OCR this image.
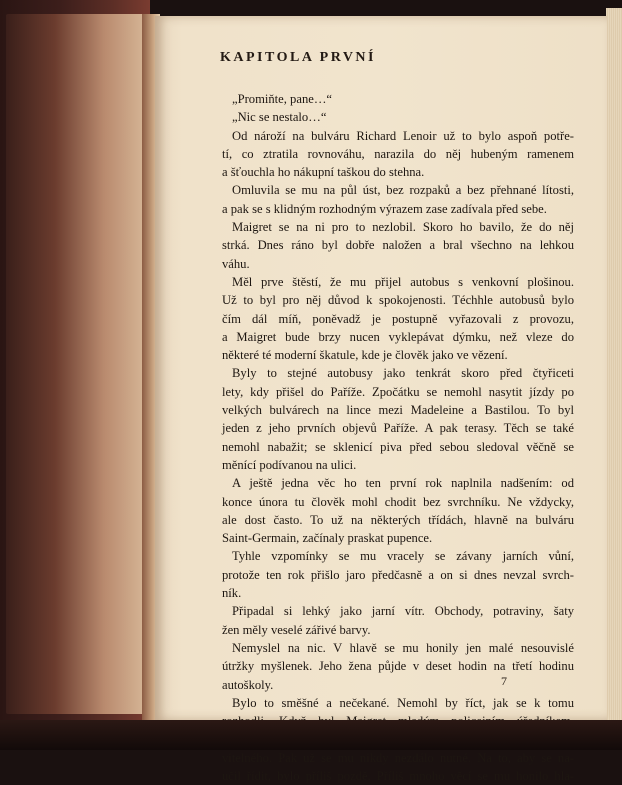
KAPITOLA PRVNÍ
„Promiňte, pane…“
„Nic se nestalo…“
Od nároží na bulváru Richard Lenoir už to bylo aspoň potře-
tí, co ztratila rovnováhu, narazila do něj hubeným ramenem
a šťouchla ho nákupní taškou do stehna.
Omluvila se mu na půl úst, bez rozpaků a bez přehnané lítosti,
a pak se s klidným rozhodným výrazem zase zadívala před sebe.
Maigret se na ni pro to nezlobil. Skoro ho bavilo, že do něj
strká. Dnes ráno byl dobře naložen a bral všechno na lehkou
váhu.
Měl prve štěstí, že mu přijel autobus s venkovní plošinou.
Už to byl pro něj důvod k spokojenosti. Téchhle autobusů bylo
čím dál míň, poněvadž je postupně vyřazovali z provozu,
a Maigret bude brzy nucen vyklepávat dýmku, než vleze do
některé té moderní škatule, kde je člověk jako ve vězení.
Byly to stejné autobusy jako tenkrát skoro před čtyřiceti
lety, kdy přišel do Paříže. Zpočátku se nemohl nasytit jízdy po
velkých bulvárech na lince mezi Madeleine a Bastilou. To byl
jeden z jeho prvních objevů Paříže. A pak terasy. Těch se také
nemohl nabažit; se sklenicí piva před sebou sledoval věčně se
měnící podívanou na ulici.
A ještě jedna věc ho ten první rok naplnila nadšením: od
konce února tu člověk mohl chodit bez svrchníku. Ne vždycky,
ale dost často. To už na některých třídách, hlavně na bulváru
Saint-Germain, začínaly praskat pupence.
Tyhle vzpomínky se mu vracely se závany jarních vůní,
protože ten rok přišlo jaro předčasně a on si dnes nevzal svrch-
ník.
Připadal si lehký jako jarní vítr. Obchody, potraviny, šaty
žen měly veselé zářivé barvy.
Nemyslel na nic. V hlavě se mu honily jen malé nesouvislé
útržky myšlenek. Jeho žena půjde v deset hodin na třetí hodinu
autoškoly.
Bylo to směšné a nečekané. Nemohl by říct, jak se k tomu
vitelného. Pak už se mu nikdy nezdálo nutné. Na to, aby se na-
učil řídit, bylo příliš pozdě. Příliš mnoho věcí se mu honilo hla-
7
